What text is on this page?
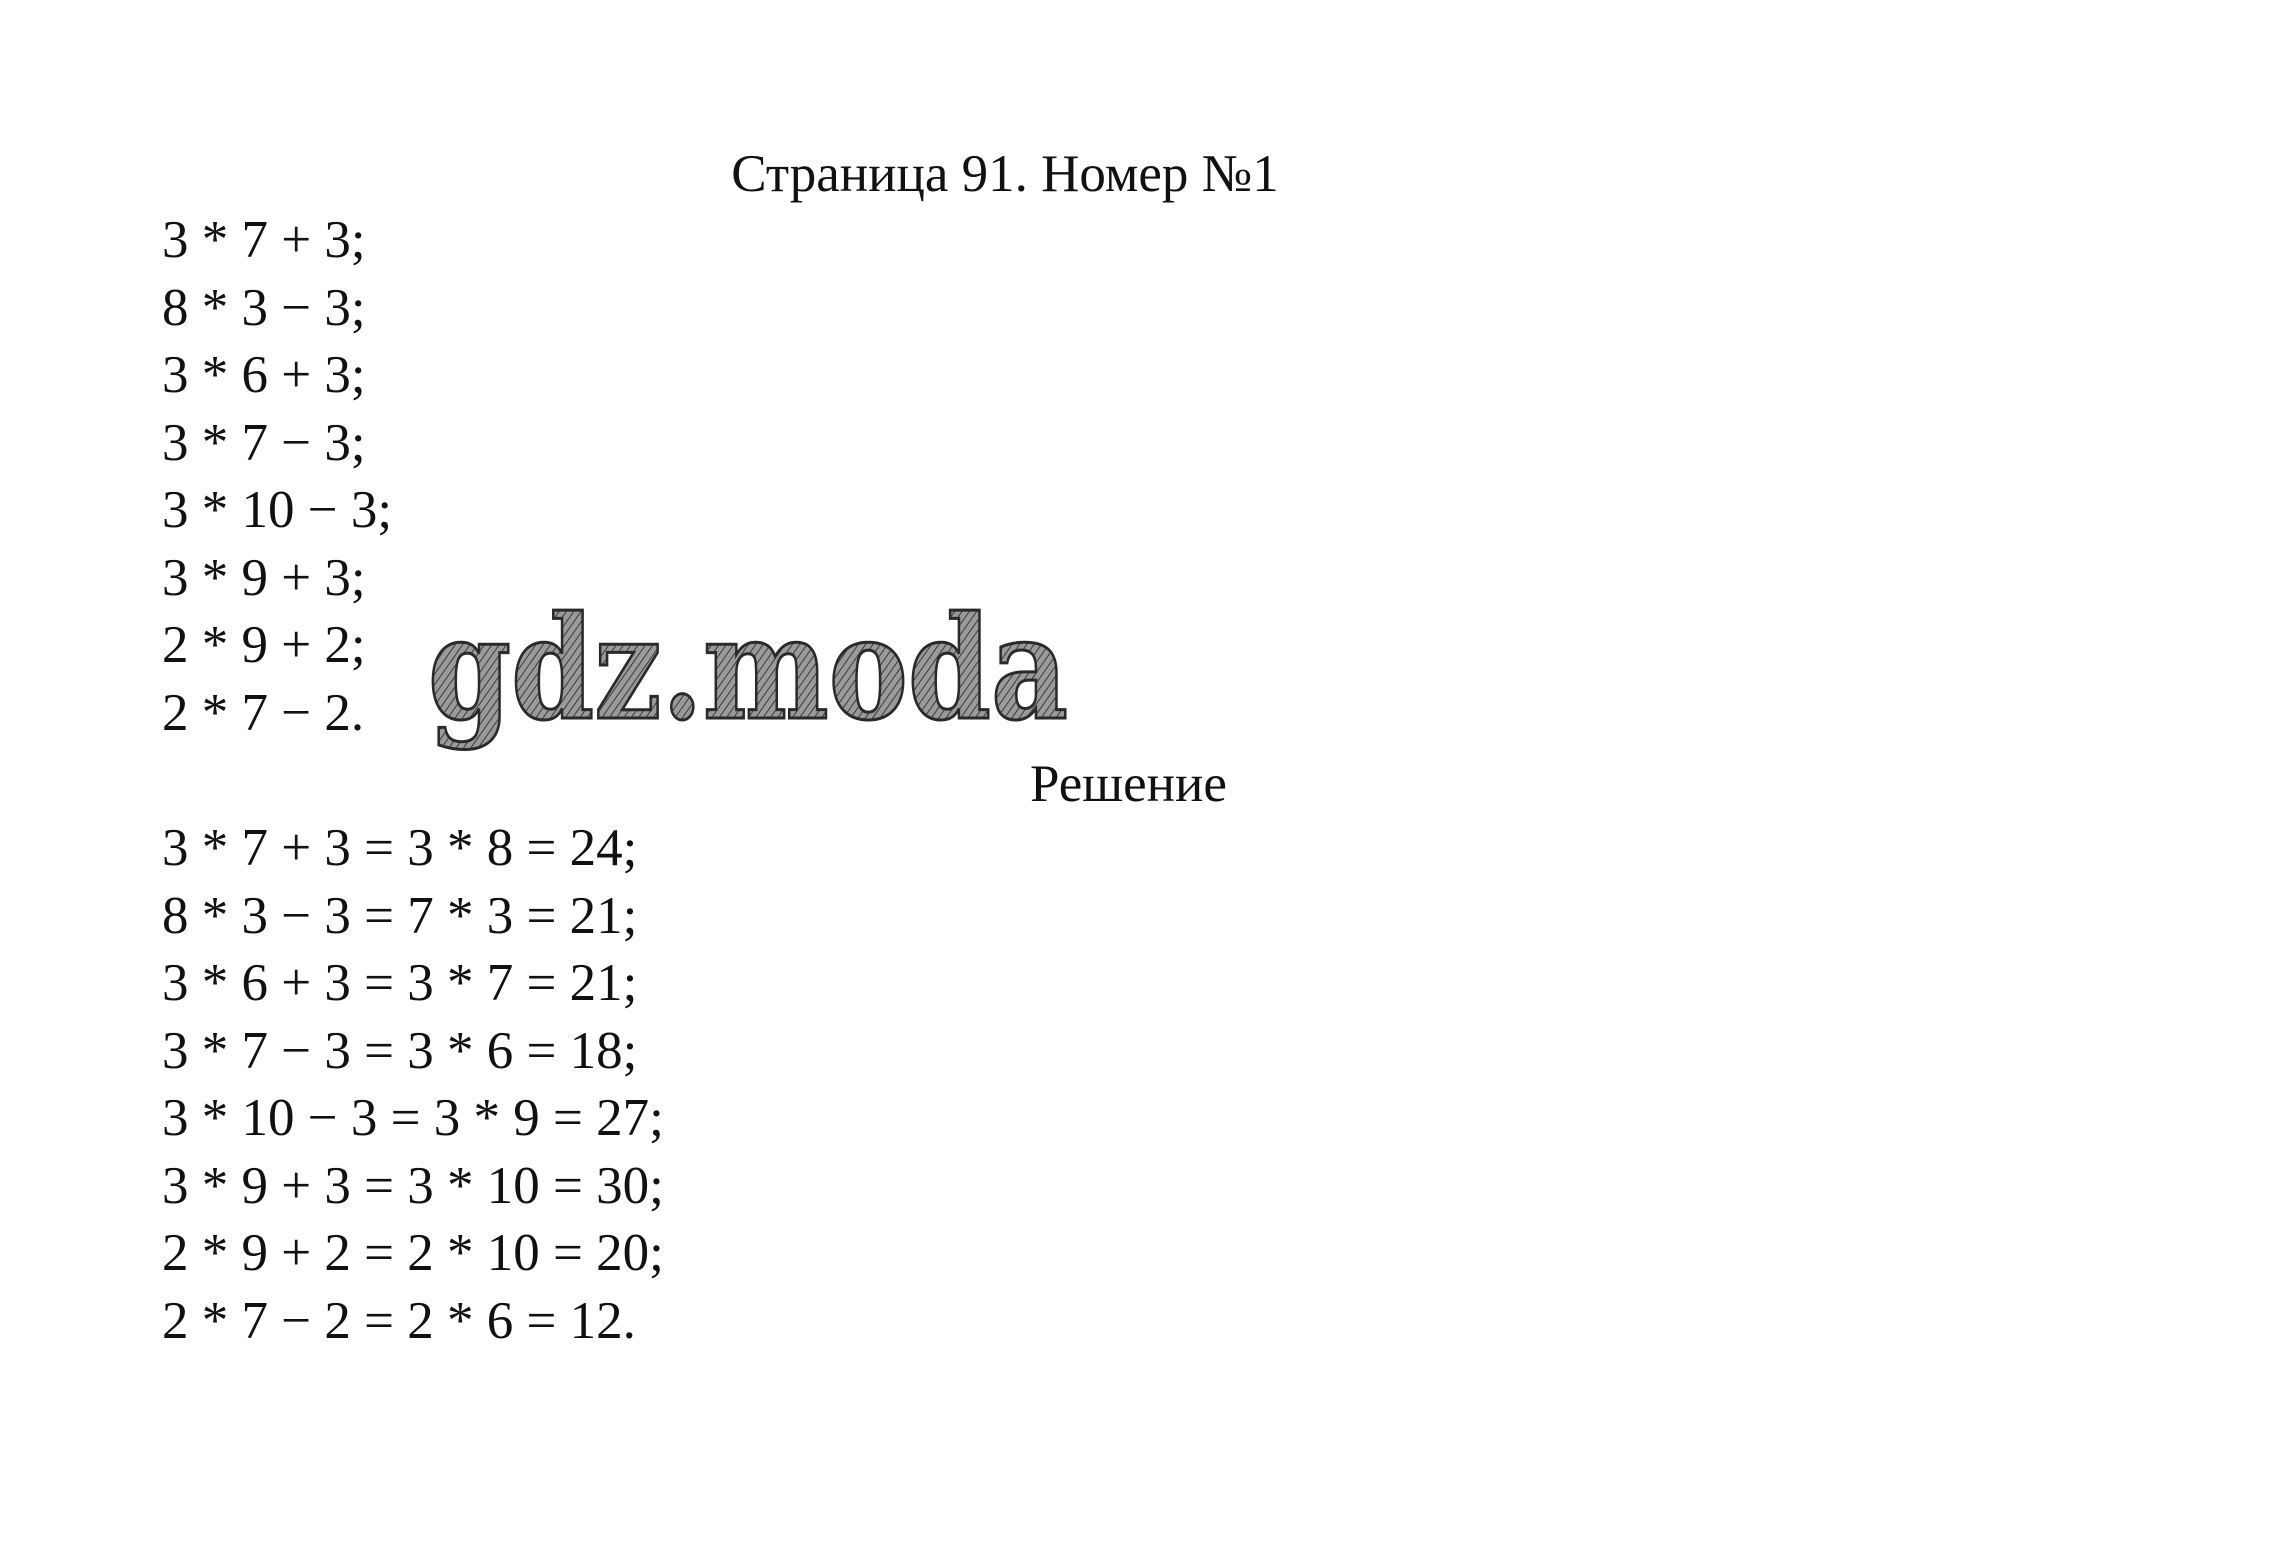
Страница 91. Номер №1
3 * 7 + 3;
8 * 3 − 3;
3 * 6 + 3;
3 * 7 − 3;
3 * 10 − 3;
3 * 9 + 3;
2 * 9 + 2;
2 * 7 − 2. gdz.moda
Решение
3 * 7 + 3 = 3 * 8 = 24;
8 * 3 − 3 = 7 * 3 = 21;
3 * 6 + 3 = 3 * 7 = 21;
3 * 7 − 3 = 3 * 6 = 18;
3 * 10 − 3 = 3 * 9 = 27;
3 * 9 + 3 = 3 * 10 = 30;
2 * 9 + 2 = 2 * 10 = 20;
2 * 7 − 2 = 2 * 6 = 12.
